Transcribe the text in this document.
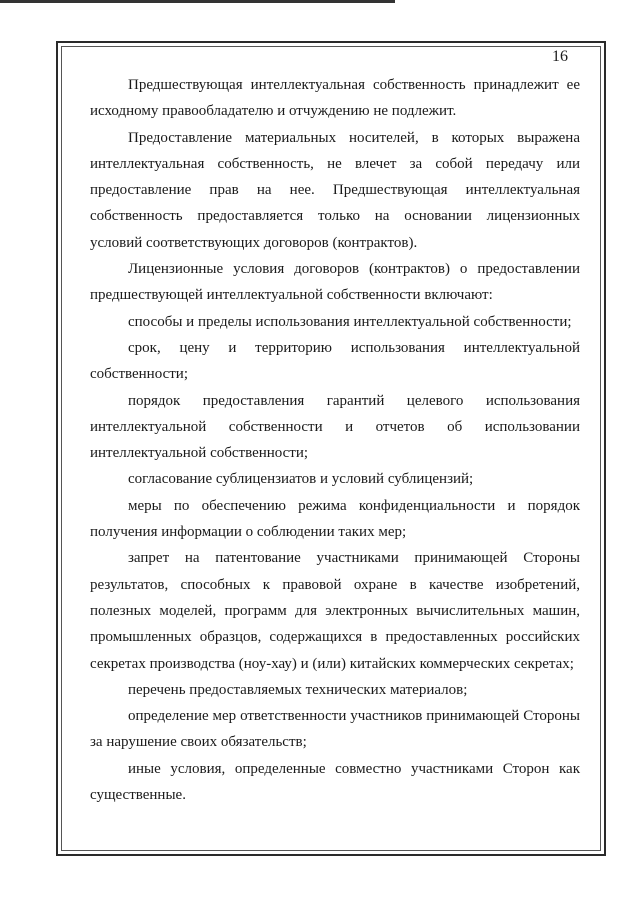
16

Предшествующая интеллектуальная собственность принадлежит ее исходному правообладателю и отчуждению не подлежит.

Предоставление материальных носителей, в которых выражена интеллектуальная собственность, не влечет за собой передачу или предоставление прав на нее. Предшествующая интеллектуальная собственность предоставляется только на основании лицензионных условий соответствующих договоров (контрактов).

Лицензионные условия договоров (контрактов) о предоставлении предшествующей интеллектуальной собственности включают:

способы и пределы использования интеллектуальной собственности;

срок, цену и территорию использования интеллектуальной собственности;

порядок предоставления гарантий целевого использования интеллектуальной собственности и отчетов об использовании интеллектуальной собственности;

согласование сублицензиатов и условий сублицензий;

меры по обеспечению режима конфиденциальности и порядок получения информации о соблюдении таких мер;

запрет на патентование участниками принимающей Стороны результатов, способных к правовой охране в качестве изобретений, полезных моделей, программ для электронных вычислительных машин, промышленных образцов, содержащихся в предоставленных российских секретах производства (ноу-хау) и (или) китайских коммерческих секретах;

перечень предоставляемых технических материалов;

определение мер ответственности участников принимающей Стороны за нарушение своих обязательств;

иные условия, определенные совместно участниками Сторон как существенные.
